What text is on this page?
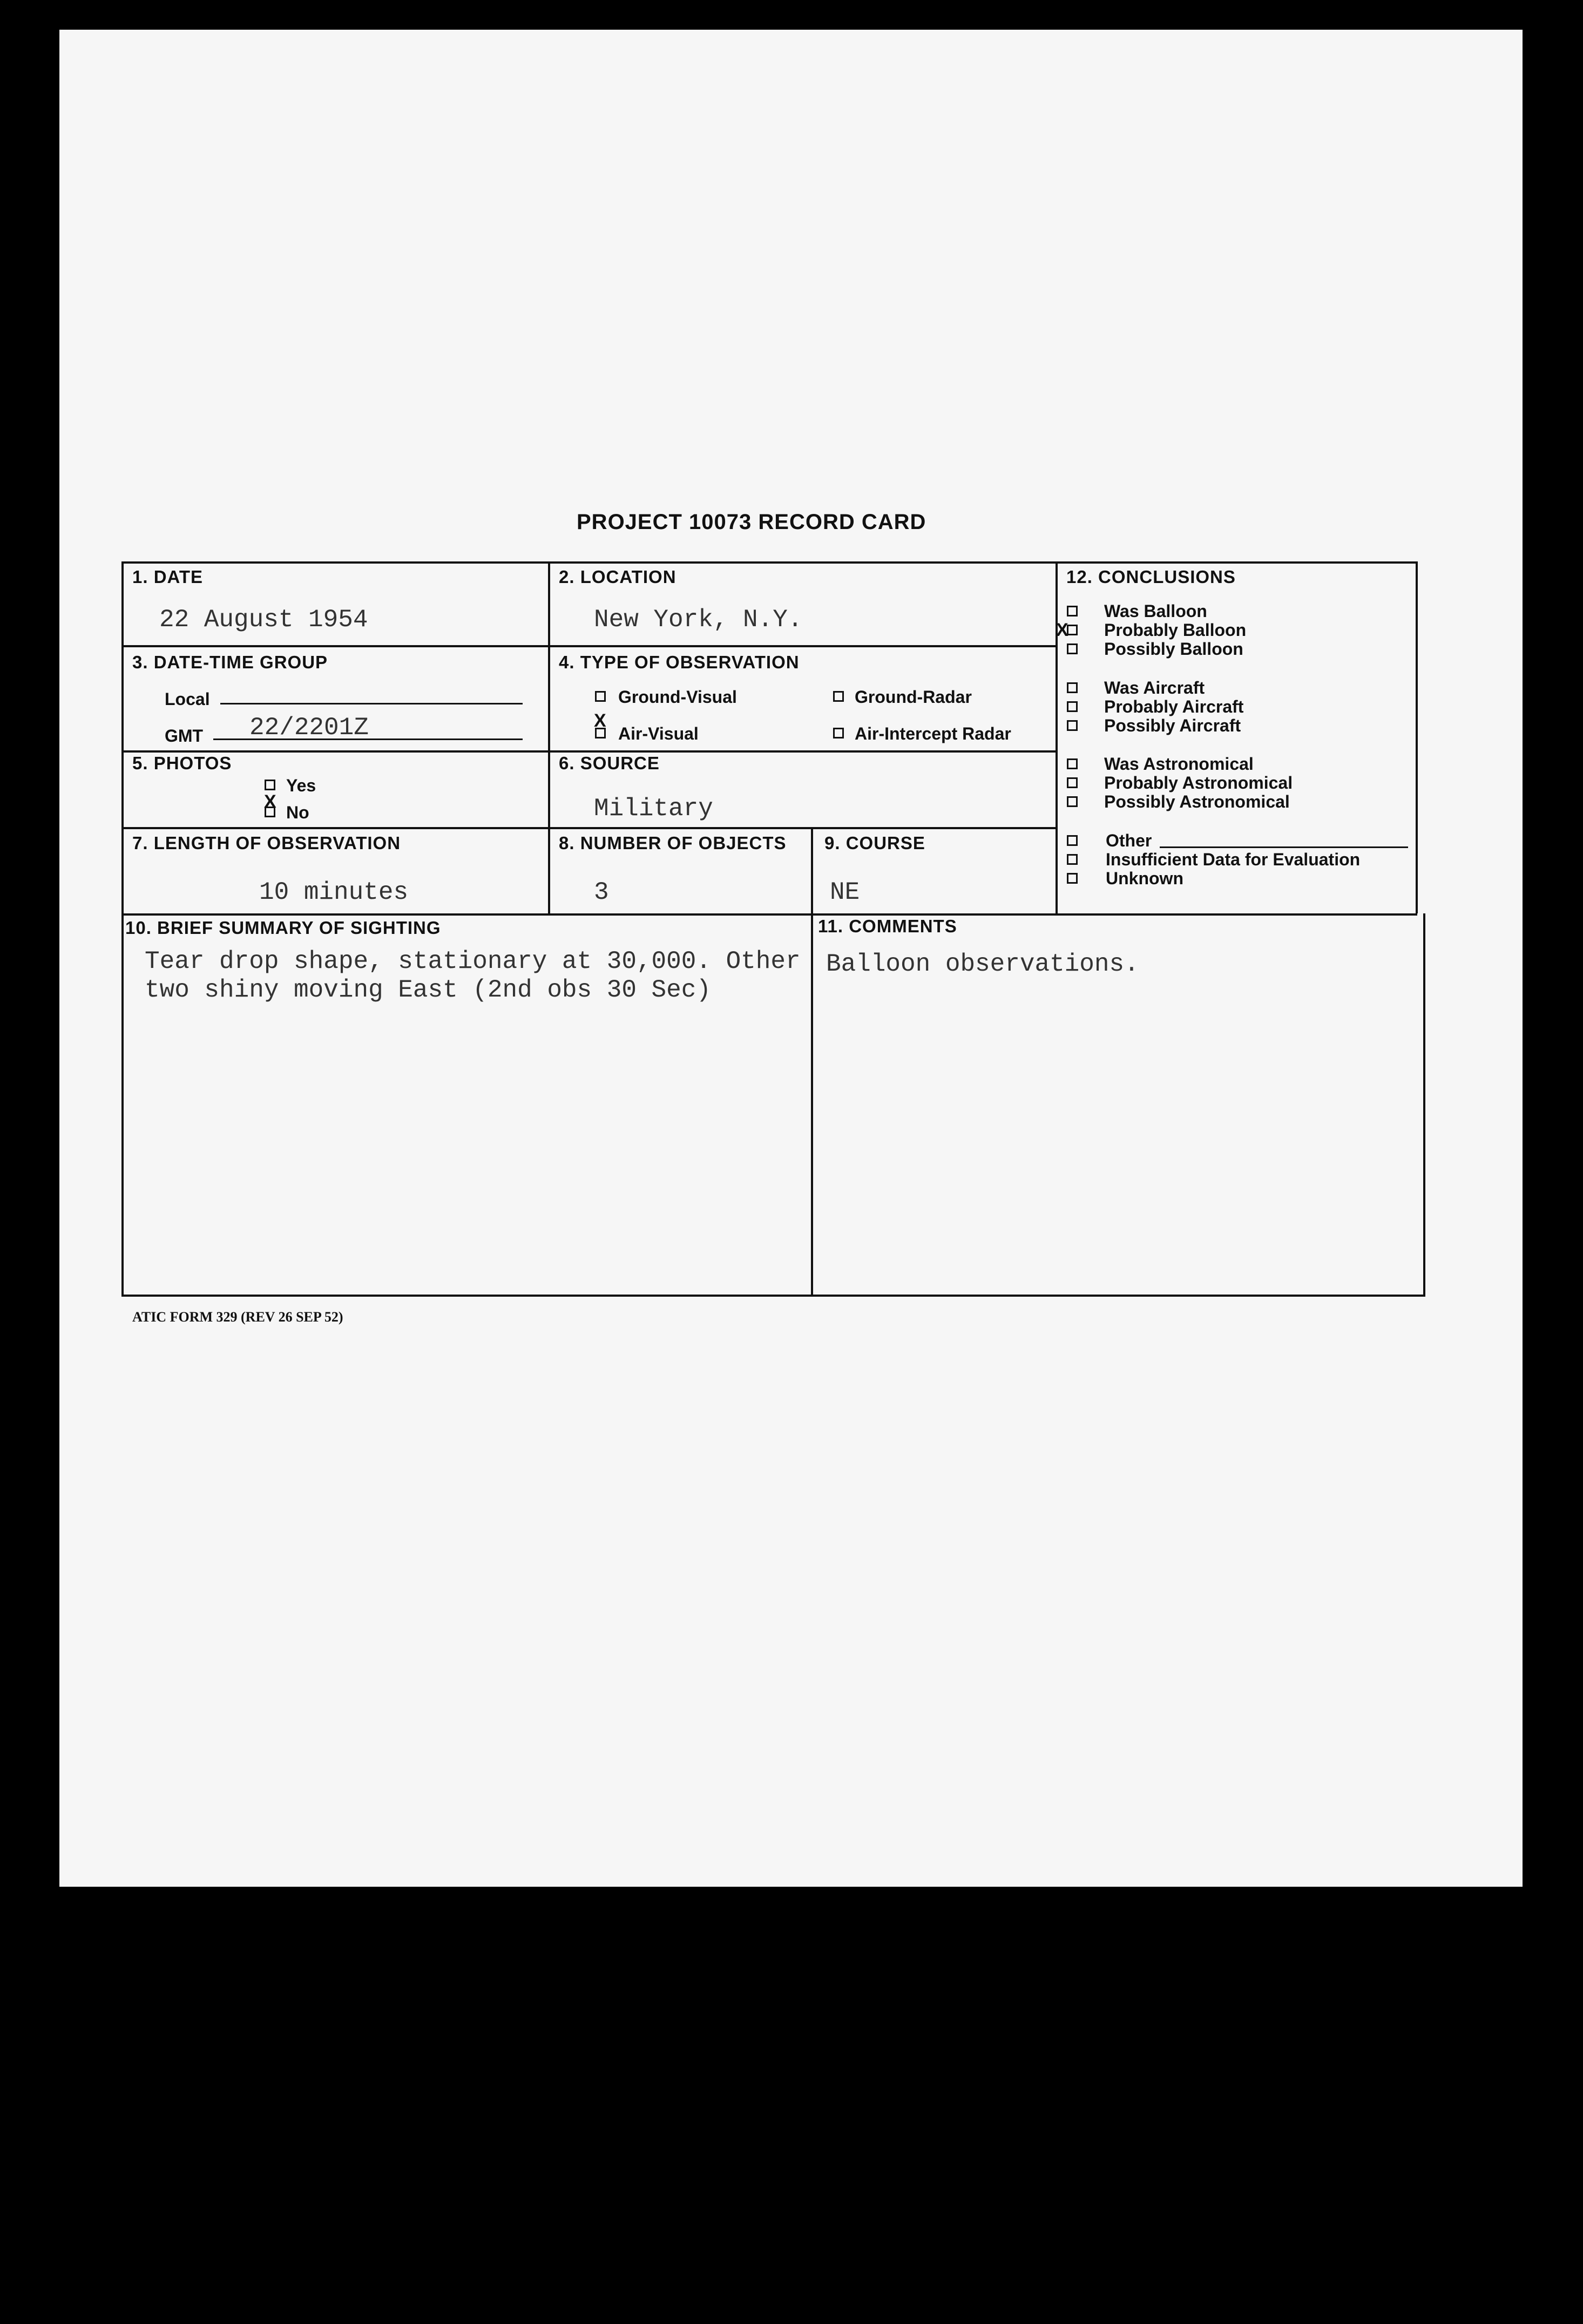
PROJECT 10073 RECORD CARD
1. DATE
22 August 1954
2. LOCATION
New York, N.Y.
3. DATE-TIME GROUP
Local
GMT 22/2201Z
4. TYPE OF OBSERVATION
Ground-Visual	Ground-Radar
X
Air-Visual	Air-Intercept Radar
5. PHOTOS
Yes
X
No
6. SOURCE
Military
7. LENGTH OF OBSERVATION
10 minutes
8. NUMBER OF OBJECTS
3
9. COURSE
NE
10. BRIEF SUMMARY OF SIGHTING
Tear drop shape, stationary at 30,000. Other
two shiny moving East (2nd obs 30 Sec)
11. COMMENTS
Balloon observations.
12. CONCLUSIONS
Was Balloon
X Probably Balloon
Possibly Balloon
Was Aircraft
Probably Aircraft
Possibly Aircraft
Was Astronomical
Probably Astronomical
Possibly Astronomical
Other
Insufficient Data for Evaluation
Unknown
ATIC FORM 329 (REV 26 SEP 52)
